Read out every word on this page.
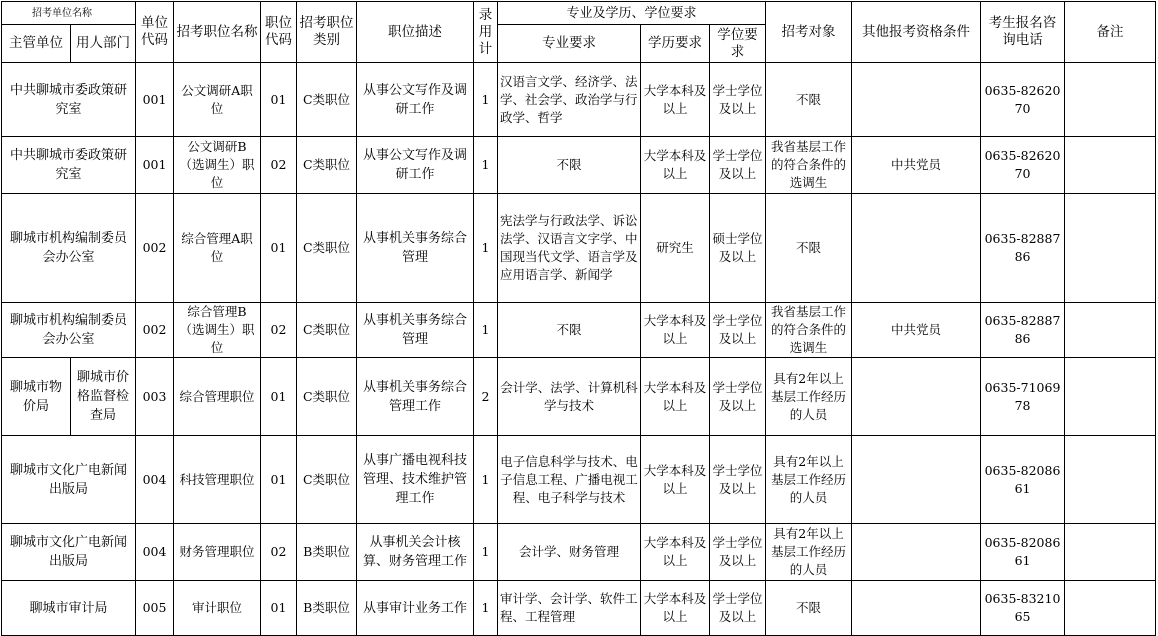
招考单位名称		单位代码	招考职位名称	职位代码	招考职位类别	职位描述	录用计	专业及学历、学位要求			招考对象	其他报考资格条件	考生报名咨询电话	备注
主管单位	用人部门							专业要求	学历要求	学位要求				
中共聊城市委政策研究室		001	公文调研A职位	01	C类职位	从事公文写作及调研工作	1	汉语言文学、经济学、法学、社会学、政治学与行政学、哲学	大学本科及以上	学士学位及以上	不限		0635-8262070	
中共聊城市委政策研究室		001	公文调研B（选调生）职位	02	C类职位	从事公文写作及调研工作	1	不限	大学本科及以上	学士学位及以上	我省基层工作的符合条件的选调生	中共党员	0635-8262070	
聊城市机构编制委员会办公室		002	综合管理A职位	01	C类职位	从事机关事务综合管理	1	宪法学与行政法学、诉讼法学、汉语言文字学、中国现当代文学、语言学及应用语言学、新闻学	研究生	硕士学位及以上	不限		0635-8288786	
聊城市机构编制委员会办公室		002	综合管理B（选调生）职位	02	C类职位	从事机关事务综合管理	1	不限	大学本科及以上	学士学位及以上	我省基层工作的符合条件的选调生	中共党员	0635-8288786	
聊城市物价局	聊城市价格监督检查局	003	综合管理职位	01	C类职位	从事机关事务综合管理工作	2	会计学、法学、计算机科学与技术	大学本科及以上	学士学位及以上	具有2年以上基层工作经历的人员		0635-7106978	
聊城市文化广电新闻出版局		004	科技管理职位	01	C类职位	从事广播电视科技管理、技术维护管理工作	1	电子信息科学与技术、电子信息工程、广播电视工程、电子科学与技术	大学本科及以上	学士学位及以上	具有2年以上基层工作经历的人员		0635-8208661	
聊城市文化广电新闻出版局		004	财务管理职位	02	B类职位	从事机关会计核算、财务管理工作	1	会计学、财务管理	大学本科及以上	学士学位及以上	具有2年以上基层工作经历的人员		0635-8208661	
聊城市审计局		005	审计职位	01	B类职位	从事审计业务工作	1	审计学、会计学、软件工程、工程管理	大学本科及以上	学士学位及以上	不限		0635-8321065	
